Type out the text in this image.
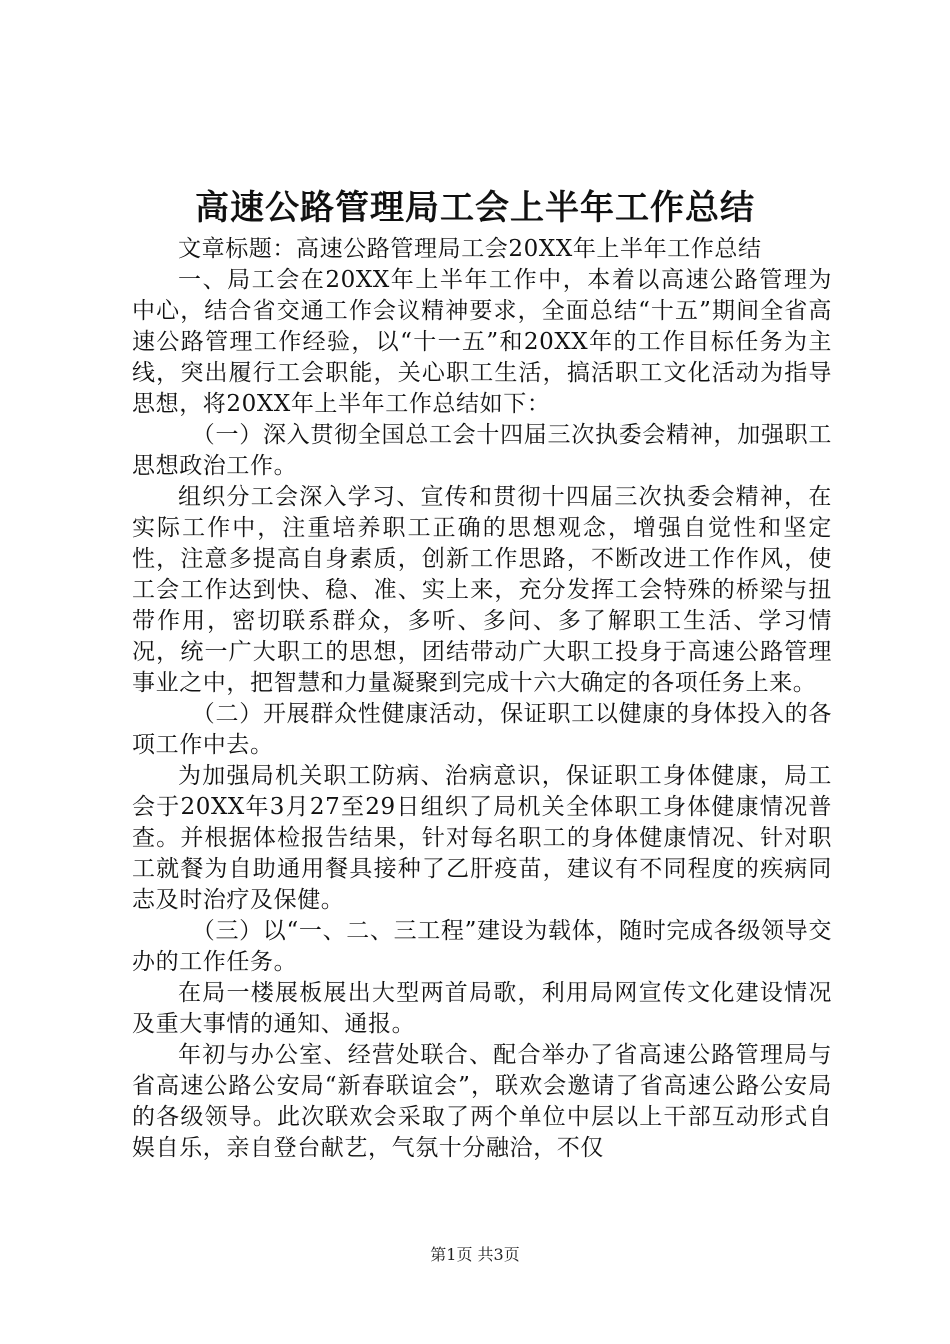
高速公路管理局工会上半年工作总结

文章标题：高速公路管理局工会20XX年上半年工作总结

一、局工会在20XX年上半年工作中，本着以高速公路管理为中心，结合省交通工作会议精神要求，全面总结“十五”期间全省高速公路管理工作经验，以“十一五”和20XX年的工作目标任务为主线，突出履行工会职能，关心职工生活，搞活职工文化活动为指导思想，将20XX年上半年工作总结如下：

（一）深入贯彻全国总工会十四届三次执委会精神，加强职工思想政治工作。

组织分工会深入学习、宣传和贯彻十四届三次执委会精神，在实际工作中，注重培养职工正确的思想观念，增强自觉性和坚定性，注意多提高自身素质，创新工作思路，不断改进工作作风，使工会工作达到快、稳、准、实上来，充分发挥工会特殊的桥梁与扭带作用，密切联系群众，多听、多问、多了解职工生活、学习情况，统一广大职工的思想，团结带动广大职工投身于高速公路管理事业之中，把智慧和力量凝聚到完成十六大确定的各项任务上来。

（二）开展群众性健康活动，保证职工以健康的身体投入的各项工作中去。

为加强局机关职工防病、治病意识，保证职工身体健康，局工会于20XX年3月27至29日组织了局机关全体职工身体健康情况普查。并根据体检报告结果，针对每名职工的身体健康情况、针对职工就餐为自助通用餐具接种了乙肝疫苗，建议有不同程度的疾病同志及时治疗及保健。

（三）以“一、二、三工程”建设为载体，随时完成各级领导交办的工作任务。

在局一楼展板展出大型两首局歌，利用局网宣传文化建设情况及重大事情的通知、通报。

年初与办公室、经营处联合、配合举办了省高速公路管理局与省高速公路公安局“新春联谊会”，联欢会邀请了省高速公路公安局的各级领导。此次联欢会采取了两个单位中层以上干部互动形式自娱自乐，亲自登台献艺，气氛十分融洽，不仅

第1页 共3页
